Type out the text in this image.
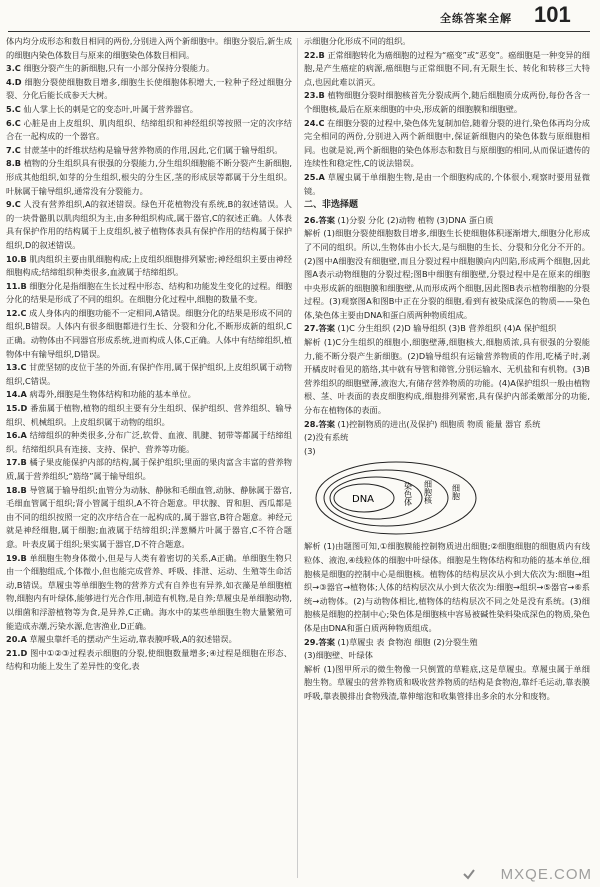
全练答案全解 101
体内均分成形态和数目相同的两份,分别进入两个新细胞中。细胞分裂后,新生成的细胞内染色体数目与原来的细胞染色体数目相同。
3.C 细胞分裂产生的新细胞,只有一小部分保持分裂能力。
4.D 细胞分裂使细胞数目增多,细胞生长使细胞体积增大,一粒种子经过细胞分裂、分化后能长成参天大树。
5.C 仙人掌上长的刺是它的变态叶,叶属于营养器官。
6.C 心脏是由上皮组织、肌肉组织、结缔组织和神经组织等按照一定的次序结合在一起构成的一个器官。
7.C 甘蔗茎中的纤维状结构是输导营养物质的作用,因此,它们属于输导组织。
8.B 植物的分生组织具有很强的分裂能力,分生组织细胞能不断分裂产生新细胞,形成其他组织,如芽的分生组织,根尖的分生区,茎的形成层等都属于分生组织。叶脉属于输导组织,通常没有分裂能力。
9.C 人没有营养组织,A的叙述错误。绿色开花植物没有系统,B的叙述错误。人的一块骨骼肌以肌肉组织为主,由多种组织构成,属于器官,C的叙述正确。人体表具有保护作用的结构属于上皮组织,被子植物体表具有保护作用的结构属于保护组织,D的叙述错误。
10.B 肌肉组织主要由肌细胞构成;上皮组织细胞排列紧密;神经组织主要由神经细胞构成;结缔组织种类很多,血液属于结缔组织。
11.B 细胞分化是指细胞在生长过程中形态、结构和功能发生变化的过程。细胞分化的结果是形成了不同的组织。在细胞分化过程中,细胞的数量不变。
12.C 成人身体内的细胞功能不一定相同,A错误。细胞分化的结果是形成不同的组织,B错误。人体内有很多细胞都进行生长、分裂和分化,不断形成新的组织,C正确。动物体由不同器官形成系统,进而构成人体,C正确。人体中有结缔组织,植物体中有输导组织,D错误。
13.C 甘蔗坚韧的皮位于茎的外面,有保护作用,属于保护组织,上皮组织属于动物组织,C错误。
14.A 病毒外,细胞是生物体结构和功能的基本单位。
15.D 番茄属于植物,植物的组织主要有分生组织、保护组织、营养组织、输导组织、机械组织。上皮组织属于动物的组织。
16.A 结缔组织的种类很多,分布广泛,软骨、血液、肌腱、韧带等都属于结缔组织。结缔组织具有连接、支持、保护、营养等功能。
17.B 橘子果皮能保护内部的结构,属于保护组织;里面的果肉富含丰富的营养物质,属于营养组织;“筋络”属于输导组织。
18.B 导管属于输导组织;血管分为动脉、静脉和毛细血管,动脉、静脉属于器官,毛细血管属于组织;肾小管属于组织,A不符合题意。甲状腺、胃和胆、西瓜都是由不同的组织按照一定的次序结合在一起构成的,属于器官,B符合题意。神经元就是神经细胞,属于细胞;血液属于结缔组织;洋葱鳞片叶属于器官,C不符合题意。叶表皮属于组织;果实属于器官,D不符合题意。
19.B 单细胞生物身体微小,但是与人类有着密切的关系,A正确。单细胞生物只由一个细胞组成,个体微小,但也能完成营养、呼吸、排泄、运动、生殖等生命活动,B错误。草履虫等单细胞生物的营养方式有自养也有异养,如衣藻是单细胞植物,细胞内有叶绿体,能够进行光合作用,制造有机物,是自养;草履虫是单细胞动物,以细菌和浮游植物等为食,是异养,C正确。海水中的某些单细胞生物大量繁殖可能造成赤潮,污染水源,危害渔业,D正确。
20.A 草履虫靠纤毛的摆动产生运动,靠表膜呼吸,A的叙述错误。
21.D 图中①②③过程表示细胞的分裂,使细胞数量增多;④过程是细胞在形态、结构和功能上发生了差异性的变化,表
示细胞分化形成不同的组织。
22.B 正常细胞转化为癌细胞的过程为“癌变”或“恶变”。癌细胞是一种变异的细胞,是产生癌症的病源,癌细胞与正常细胞不同,有无限生长、转化和转移三大特点,也因此难以消灭。
23.B 植物细胞分裂时细胞核首先分裂成两个,随后细胞质分成两份,每份各含一个细胞核,最后在原来细胞的中央,形成新的细胞膜和细胞壁。
24.C 在细胞分裂的过程中,染色体先复制加倍,随着分裂的进行,染色体再均分成完全相同的两份,分别进入两个新细胞中,保证新细胞内的染色体数与原细胞相同。也就是说,两个新细胞的染色体形态和数目与原细胞的相同,从而保证遗传的连续性和稳定性,C的说法错误。
25.A 草履虫属于单细胞生物,是由一个细胞构成的,个体很小,观察时要用显微镜。
二、非选择题
26.答案 (1)分裂 分化 (2)动物 植物 (3)DNA 蛋白质
解析 (1)细胞分裂使细胞数目增多,细胞生长使细胞体积逐渐增大,细胞分化形成了不同的组织。所以,生物体由小长大,是与细胞的生长、分裂和分化分不开的。(2)图中A细胞没有细胞壁,而且分裂过程中细胞膜向内凹陷,形成两个细胞,因此图A表示动物细胞的分裂过程;图B中细胞有细胞壁,分裂过程中是在原来的细胞中央形成新的细胞膜和细胞壁,从而形成两个细胞,因此图B表示植物细胞的分裂过程。(3)观察图A和图B中正在分裂的细胞,看到有被染成深色的物质——染色体,染色体主要由DNA和蛋白质两种物质组成。
27.答案 (1)C 分生组织 (2)D 输导组织 (3)B 营养组织 (4)A 保护组织
解析 (1)C分生组织的细胞小,细胞壁薄,细胞核大,细胞质浓,具有很强的分裂能力,能不断分裂产生新细胞。(2)D输导组织有运输营养物质的作用,吃橘子时,剥开橘皮时看见的筋络,其中就有导管和筛管,分别运输水、无机盐和有机物。(3)B营养组织的细胞壁薄,液泡大,有储存营养物质的功能。(4)A保护组织一般由植物根、茎、叶表面的表皮细胞构成,细胞排列紧密,具有保护内部柔嫩部分的功能,分布在植物体的表面。
28.答案 (1)控制物质的进出(及保护) 细胞质 物质 能量 器官 系统
(2)没有系统
(3)
DNA	染色体 细胞核 细胞
解析 (1)由题图可知,①细胞膜能控制物质进出细胞;②细胞细胞的细胞质内有线粒体、液泡,④线粒体的细胞中叶绿体。细胞是生物体结构和功能的基本单位,细胞核是细胞的控制中心是细胞核。植物体的结构层次从小到大依次为:细胞→组织→③器官→植物体;人体的结构层次从小到大依次为:细胞→组织→⑤器官→⑥系统→动物体。(2)与动物体相比,植物体的结构层次不同之处是没有系统。(3)细胞核是细胞的控制中心;染色体是细胞核中容易被碱性染料染成深色的物质,染色体是由DNA和蛋白质两种物质组成。
29.答案 (1)草履虫 表 食物泡 细胞 (2)分裂生殖
(3)细胞壁、叶绿体
解析 (1)图甲所示的微生物像一只倒置的草鞋底,这是草履虫。草履虫属于单细胞生物。草履虫的营养物质和吸收营养物质的结构是食物泡,靠纤毛运动,靠表膜呼吸,靠表膜排出食物残渣,靠伸缩泡和收集管排出多余的水分和废物。
MXQE.COM
